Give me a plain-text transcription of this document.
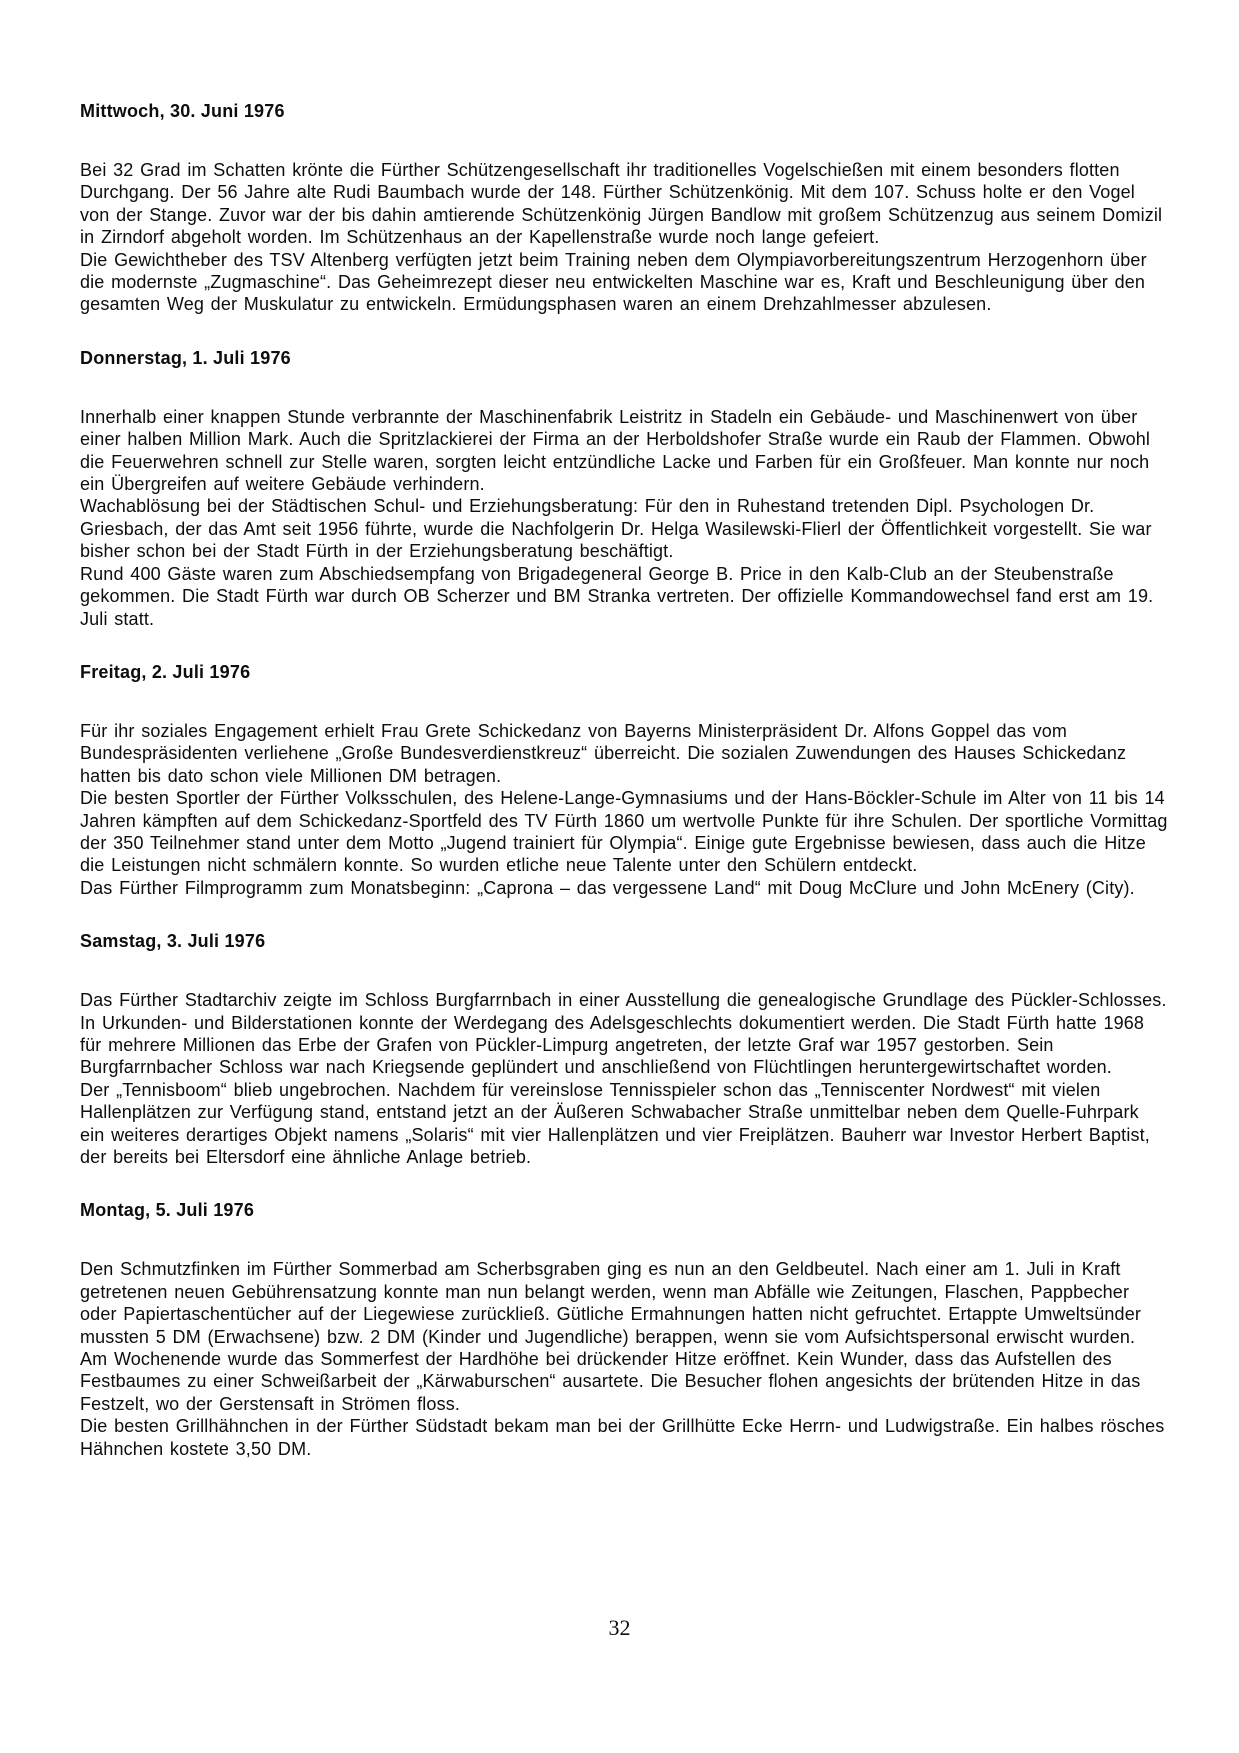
Mittwoch, 30. Juni 1976

Bei 32 Grad im Schatten krönte die Fürther Schützengesellschaft ihr traditionelles Vogelschießen mit einem besonders flotten Durchgang. Der 56 Jahre alte Rudi Baumbach wurde der 148. Fürther Schützenkönig. Mit dem 107. Schuss holte er den Vogel von der Stange. Zuvor war der bis dahin amtierende Schützenkönig Jürgen Bandlow mit großem Schützenzug aus seinem Domizil in Zirndorf abgeholt worden. Im Schützenhaus an der Kapellenstraße wurde noch lange gefeiert.

Die Gewichtheber des TSV Altenberg verfügten jetzt beim Training neben dem Olympiavorbereitungszentrum Herzogenhorn über die modernste „Zugmaschine“. Das Geheimrezept dieser neu entwickelten Maschine war es, Kraft und Beschleunigung über den gesamten Weg der Muskulatur zu entwickeln. Ermüdungsphasen waren an einem Drehzahlmesser abzulesen.

Donnerstag, 1. Juli 1976

Innerhalb einer knappen Stunde verbrannte der Maschinenfabrik Leistritz in Stadeln ein Gebäude- und Maschinenwert von über einer halben Million Mark. Auch die Spritzlackierei der Firma an der Herboldshofer Straße wurde ein Raub der Flammen. Obwohl die Feuerwehren schnell zur Stelle waren, sorgten leicht entzündliche Lacke und Farben für ein Großfeuer. Man konnte nur noch ein Übergreifen auf weitere Gebäude verhindern.

Wachablösung bei der Städtischen Schul- und Erziehungsberatung: Für den in Ruhestand tretenden Dipl. Psychologen Dr. Griesbach, der das Amt seit 1956 führte, wurde die Nachfolgerin Dr. Helga Wasilewski-Flierl der Öffentlichkeit vorgestellt. Sie war bisher schon bei der Stadt Fürth in der Erziehungsberatung beschäftigt.

Rund 400 Gäste waren zum Abschiedsempfang von Brigadegeneral George B. Price in den Kalb-Club an der Steubenstraße gekommen. Die Stadt Fürth war durch OB Scherzer und BM Stranka vertreten. Der offizielle Kommandowechsel fand erst am 19. Juli statt.

Freitag, 2. Juli 1976

Für ihr soziales Engagement erhielt Frau Grete Schickedanz von Bayerns Ministerpräsident Dr. Alfons Goppel das vom Bundespräsidenten verliehene „Große Bundesverdienstkreuz“ überreicht. Die sozialen Zuwendungen des Hauses Schickedanz hatten bis dato schon viele Millionen DM betragen.

Die besten Sportler der Fürther Volksschulen, des Helene-Lange-Gymnasiums und der Hans-Böckler-Schule im Alter von 11 bis 14 Jahren kämpften auf dem Schickedanz-Sportfeld des TV Fürth 1860 um wertvolle Punkte für ihre Schulen. Der sportliche Vormittag der 350 Teilnehmer stand unter dem Motto „Jugend trainiert für Olympia“. Einige gute Ergebnisse bewiesen, dass auch die Hitze die Leistungen nicht schmälern konnte. So wurden etliche neue Talente unter den Schülern entdeckt.

Das Fürther Filmprogramm zum Monatsbeginn: „Caprona – das vergessene Land“ mit Doug McClure und John McEnery (City).

Samstag, 3. Juli 1976

Das Fürther Stadtarchiv zeigte im Schloss Burgfarrnbach in einer Ausstellung die genealogische Grundlage des Pückler-Schlosses. In Urkunden- und Bilderstationen konnte der Werdegang des Adelsgeschlechts dokumentiert werden. Die Stadt Fürth hatte 1968 für mehrere Millionen das Erbe der Grafen von Pückler-Limpurg angetreten, der letzte Graf war 1957 gestorben. Sein Burgfarrnbacher Schloss war nach Kriegsende geplündert und anschließend von Flüchtlingen heruntergewirtschaftet worden.

Der „Tennisboom“ blieb ungebrochen. Nachdem für vereinslose Tennisspieler schon das „Tenniscenter Nordwest“ mit vielen Hallenplätzen zur Verfügung stand, entstand jetzt an der Äußeren Schwabacher Straße unmittelbar neben dem Quelle-Fuhrpark ein weiteres derartiges Objekt namens „Solaris“ mit vier Hallenplätzen und vier Freiplätzen. Bauherr war Investor Herbert Baptist, der bereits bei Eltersdorf eine ähnliche Anlage betrieb.

Montag, 5. Juli 1976

Den Schmutzfinken im Fürther Sommerbad am Scherbsgraben ging es nun an den Geldbeutel. Nach einer am 1. Juli in Kraft getretenen neuen Gebührensatzung konnte man nun belangt werden, wenn man Abfälle wie Zeitungen, Flaschen, Pappbecher oder Papiertaschentücher auf der Liegewiese zurückließ. Gütliche Ermahnungen hatten nicht gefruchtet. Ertappte Umweltsünder mussten 5 DM (Erwachsene) bzw. 2 DM (Kinder und Jugendliche) berappen, wenn sie vom Aufsichtspersonal erwischt wurden.

Am Wochenende wurde das Sommerfest der Hardhöhe bei drückender Hitze eröffnet. Kein Wunder, dass das Aufstellen des Festbaumes zu einer Schweißarbeit der „Kärwaburschen“ ausartete. Die Besucher flohen angesichts der brütenden Hitze in das Festzelt, wo der Gerstensaft in Strömen floss.

Die besten Grillhähnchen in der Fürther Südstadt bekam man bei der Grillhütte Ecke Herrn- und Ludwigstraße. Ein halbes rösches Hähnchen kostete 3,50 DM.

32
